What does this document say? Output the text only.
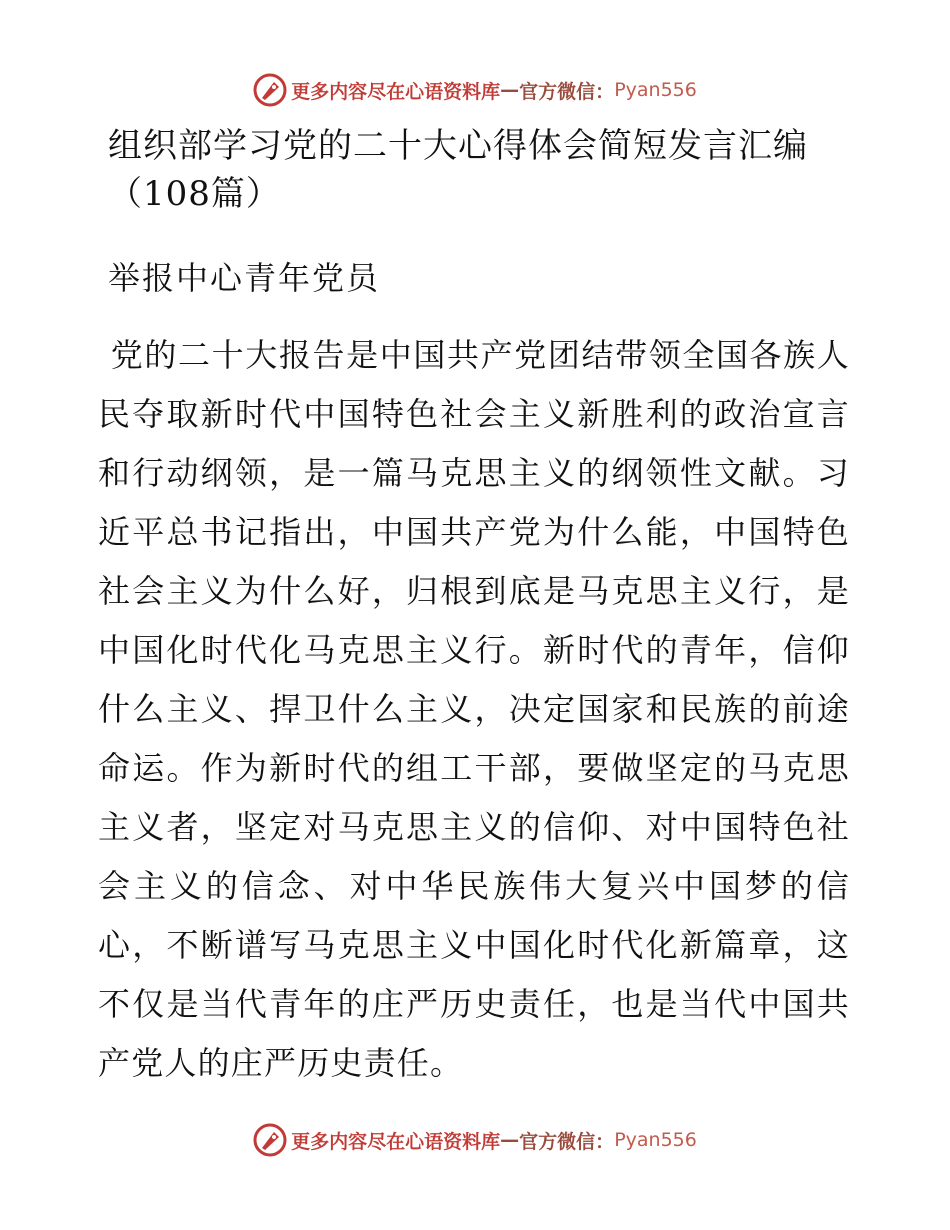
更多内容尽在心语资料库 — 官方微信： Pyan556
组织部学习党的二十大心得体会简短发言汇编（108篇）
举报中心青年党员

党的二十大报告是中国共产党团结带领全国各族人民夺取新时代中国特色社会主义新胜利的政治宣言和行动纲领，是一篇马克思主义的纲领性文献。习近平总书记指出，中国共产党为什么能，中国特色社会主义为什么好，归根到底是马克思主义行，是中国化时代化马克思主义行。新时代的青年，信仰什么主义、捍卫什么主义，决定国家和民族的前途命运。作为新时代的组工干部，要做坚定的马克思主义者，坚定对马克思主义的信仰、对中国特色社会主义的信念、对中华民族伟大复兴中国梦的信心，不断谱写马克思主义中国化时代化新篇章，这不仅是当代青年的庄严历史责任，也是当代中国共产党人的庄严历史责任。

更多内容尽在心语资料库 — 官方微信： Pyan556
